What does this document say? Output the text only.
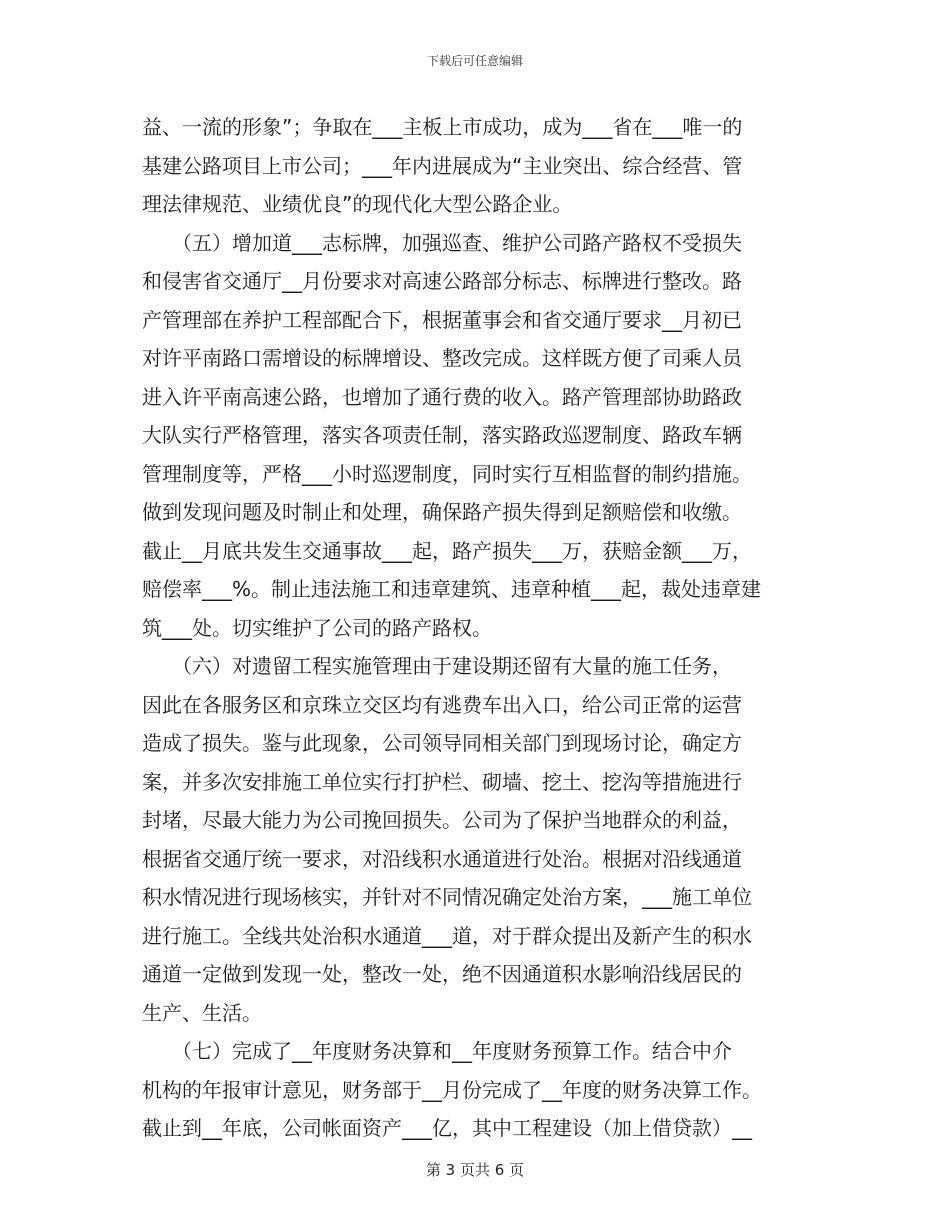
下载后可任意编辑
益、一流的形象”；争取在___主板上市成功，成为___省在___唯一的
基建公路项目上市公司；___年内进展成为“主业突出、综合经营、管
理法律规范、业绩优良”的现代化大型公路企业。
　　（五）增加道___志标牌，加强巡查、维护公司路产路权不受损失
和侵害省交通厅__月份要求对高速公路部分标志、标牌进行整改。路
产管理部在养护工程部配合下，根据董事会和省交通厅要求__月初已
对许平南路口需增设的标牌增设、整改完成。这样既方便了司乘人员
进入许平南高速公路，也增加了通行费的收入。路产管理部协助路政
大队实行严格管理，落实各项责任制，落实路政巡逻制度、路政车辆
管理制度等，严格___小时巡逻制度，同时实行互相监督的制约措施。
做到发现问题及时制止和处理，确保路产损失得到足额赔偿和收缴。
截止__月底共发生交通事故___起，路产损失___万，获赔金额___万，
赔偿率___%。制止违法施工和违章建筑、违章种植___起，裁处违章建
筑___处。切实维护了公司的路产路权。
　　（六）对遗留工程实施管理由于建设期还留有大量的施工任务，
因此在各服务区和京珠立交区均有逃费车出入口，给公司正常的运营
造成了损失。鉴与此现象，公司领导同相关部门到现场讨论，确定方
案，并多次安排施工单位实行打护栏、砌墙、挖土、挖沟等措施进行
封堵，尽最大能力为公司挽回损失。公司为了保护当地群众的利益，
根据省交通厅统一要求，对沿线积水通道进行处治。根据对沿线通道
积水情况进行现场核实，并针对不同情况确定处治方案，___施工单位
进行施工。全线共处治积水通道___道，对于群众提出及新产生的积水
通道一定做到发现一处，整改一处，绝不因通道积水影响沿线居民的
生产、生活。
　　（七）完成了__年度财务决算和__年度财务预算工作。结合中介
机构的年报审计意见，财务部于__月份完成了__年度的财务决算工作。
截止到__年底，公司帐面资产___亿，其中工程建设（加上借贷款）__
第 3 页共 6 页
